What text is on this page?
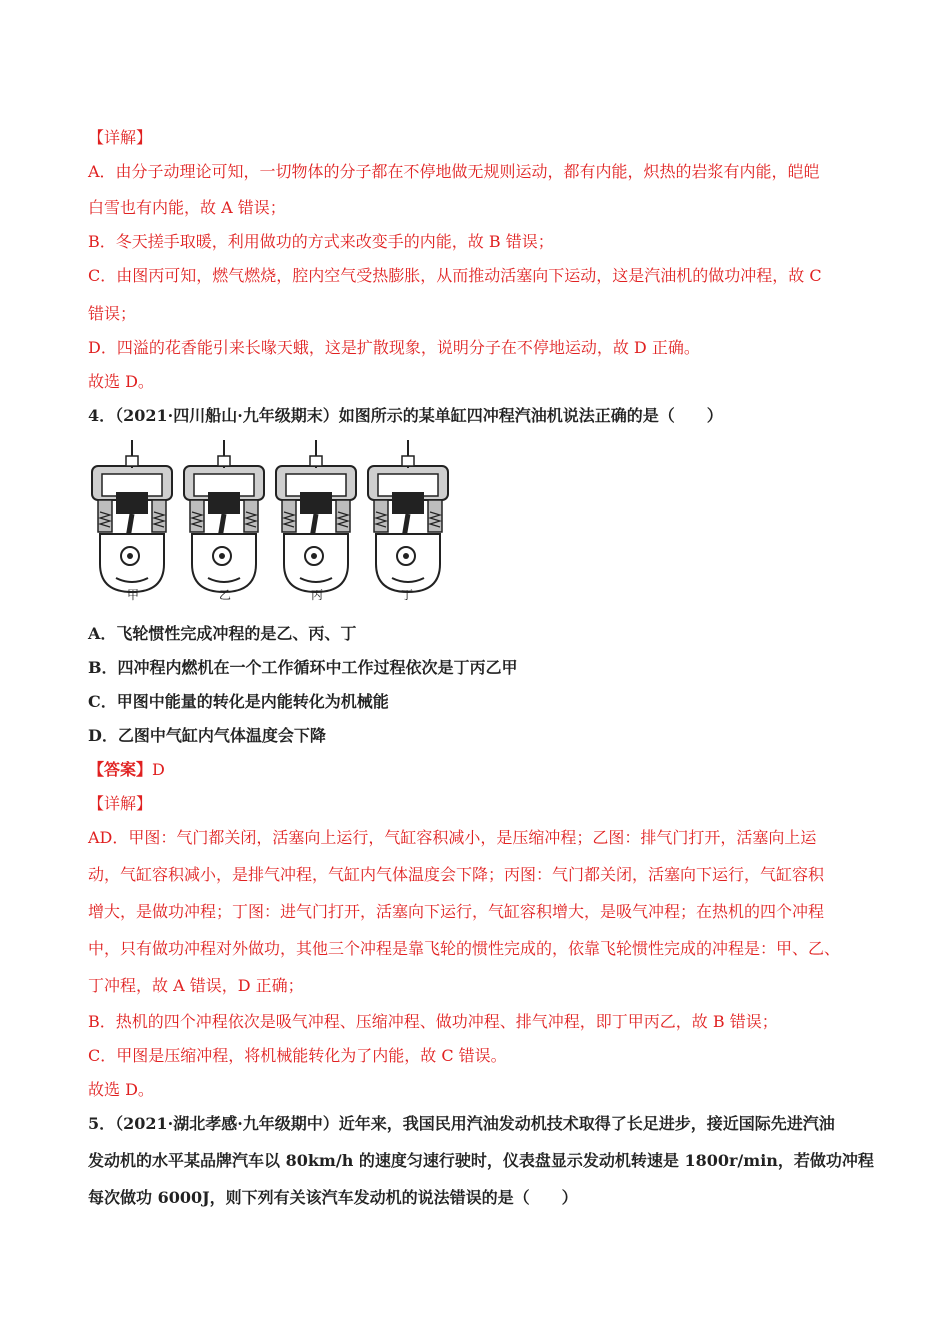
【详解】
A．由分子动理论可知，一切物体的分子都在不停地做无规则运动，都有内能，炽热的岩浆有内能，皑皑
白雪也有内能，故 A 错误；
B．冬天搓手取暖，利用做功的方式来改变手的内能，故 B 错误；
C．由图丙可知，燃气燃烧，腔内空气受热膨胀，从而推动活塞向下运动，这是汽油机的做功冲程，故 C
错误；
D．四溢的花香能引来长喙天蛾，这是扩散现象，说明分子在不停地运动，故 D 正确。
故选 D。
4．（2021·四川船山·九年级期末）如图所示的某单缸四冲程汽油机说法正确的是（　　）
甲	乙	丙	丁
A．飞轮惯性完成冲程的是乙、丙、丁
B．四冲程内燃机在一个工作循环中工作过程依次是丁丙乙甲
C．甲图中能量的转化是内能转化为机械能
D．乙图中气缸内气体温度会下降
【答案】D
【详解】
AD．甲图：气门都关闭，活塞向上运行，气缸容积减小，是压缩冲程；乙图：排气门打开，活塞向上运
动，气缸容积减小，是排气冲程，气缸内气体温度会下降；丙图：气门都关闭，活塞向下运行，气缸容积
增大，是做功冲程；丁图：进气门打开，活塞向下运行，气缸容积增大，是吸气冲程；在热机的四个冲程
中，只有做功冲程对外做功，其他三个冲程是靠飞轮的惯性完成的，依靠飞轮惯性完成的冲程是：甲、乙、
丁冲程，故 A 错误，D 正确；
B．热机的四个冲程依次是吸气冲程、压缩冲程、做功冲程、排气冲程，即丁甲丙乙，故 B 错误；
C．甲图是压缩冲程，将机械能转化为了内能，故 C 错误。
故选 D。
5．（2021·湖北孝感·九年级期中）近年来，我国民用汽油发动机技术取得了长足进步，接近国际先进汽油
发动机的水平某品牌汽车以 80km/h 的速度匀速行驶时，仪表盘显示发动机转速是 1800r/min，若做功冲程
每次做功 6000J，则下列有关该汽车发动机的说法错误的是（　　）
